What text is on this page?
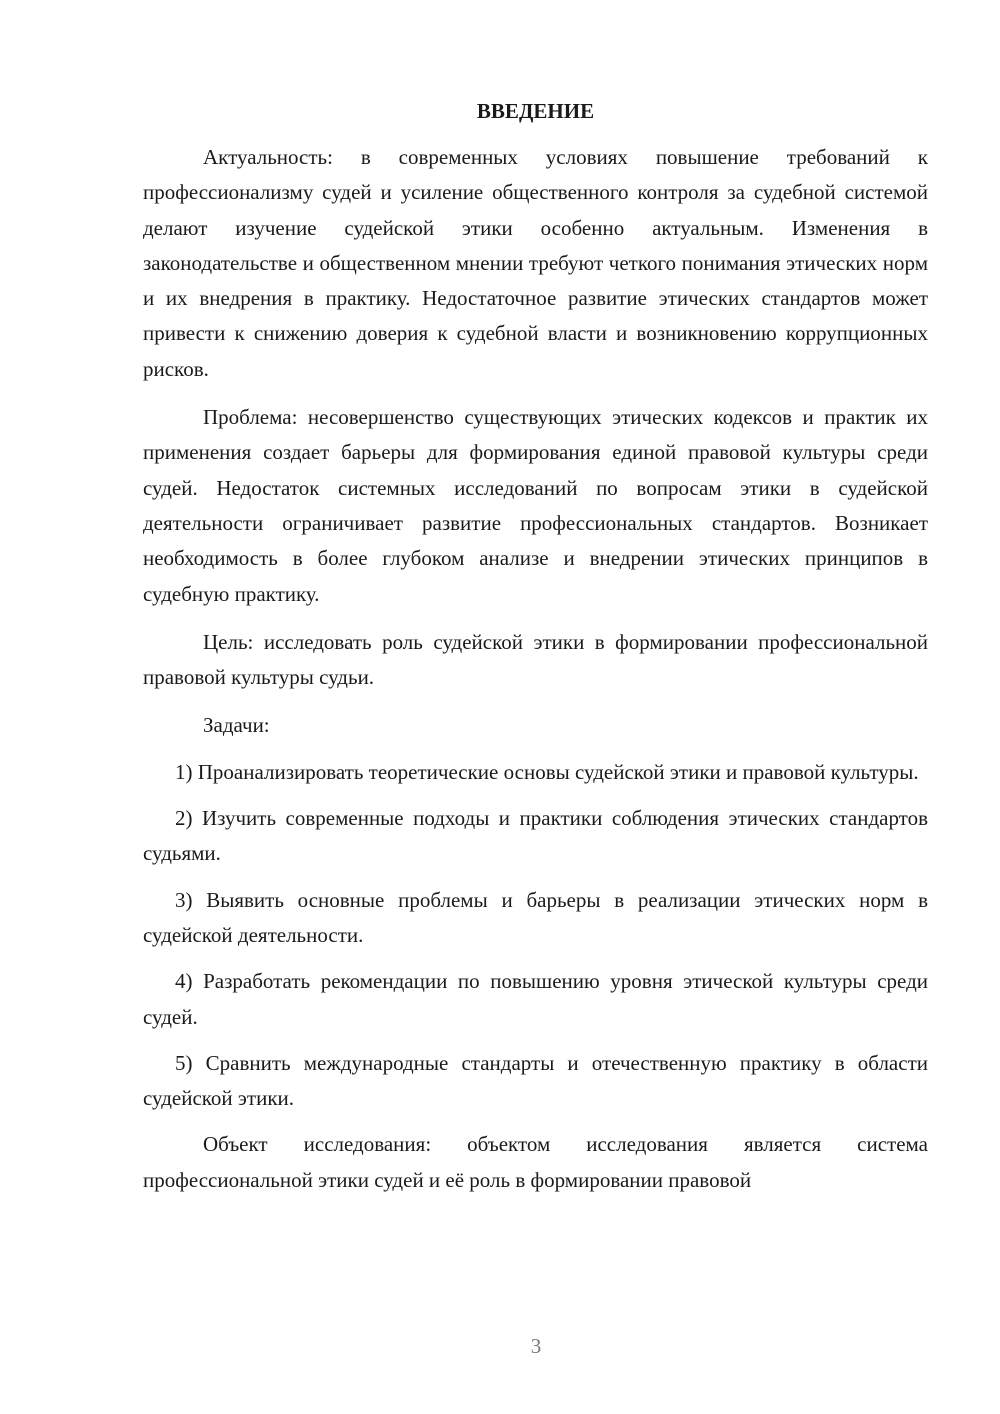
ВВЕДЕНИЕ

Актуальность: в современных условиях повышение требований к профессионализму судей и усиление общественного контроля за судебной системой делают изучение судейской этики особенно актуальным. Изменения в законодательстве и общественном мнении требуют четкого понимания этических норм и их внедрения в практику. Недостаточное развитие этических стандартов может привести к снижению доверия к судебной власти и возникновению коррупционных рисков.

Проблема: несовершенство существующих этических кодексов и практик их применения создает барьеры для формирования единой правовой культуры среди судей. Недостаток системных исследований по вопросам этики в судейской деятельности ограничивает развитие профессиональных стандартов. Возникает необходимость в более глубоком анализе и внедрении этических принципов в судебную практику.

Цель: исследовать роль судейской этики в формировании профессиональной правовой культуры судьи.

Задачи:

1) Проанализировать теоретические основы судейской этики и правовой культуры.

2) Изучить современные подходы и практики соблюдения этических стандартов судьями.

3) Выявить основные проблемы и барьеры в реализации этических норм в судейской деятельности.

4) Разработать рекомендации по повышению уровня этической культуры среди судей.

5) Сравнить международные стандарты и отечественную практику в области судейской этики.

Объект исследования: объектом исследования является система профессиональной этики судей и её роль в формировании правовой

3
